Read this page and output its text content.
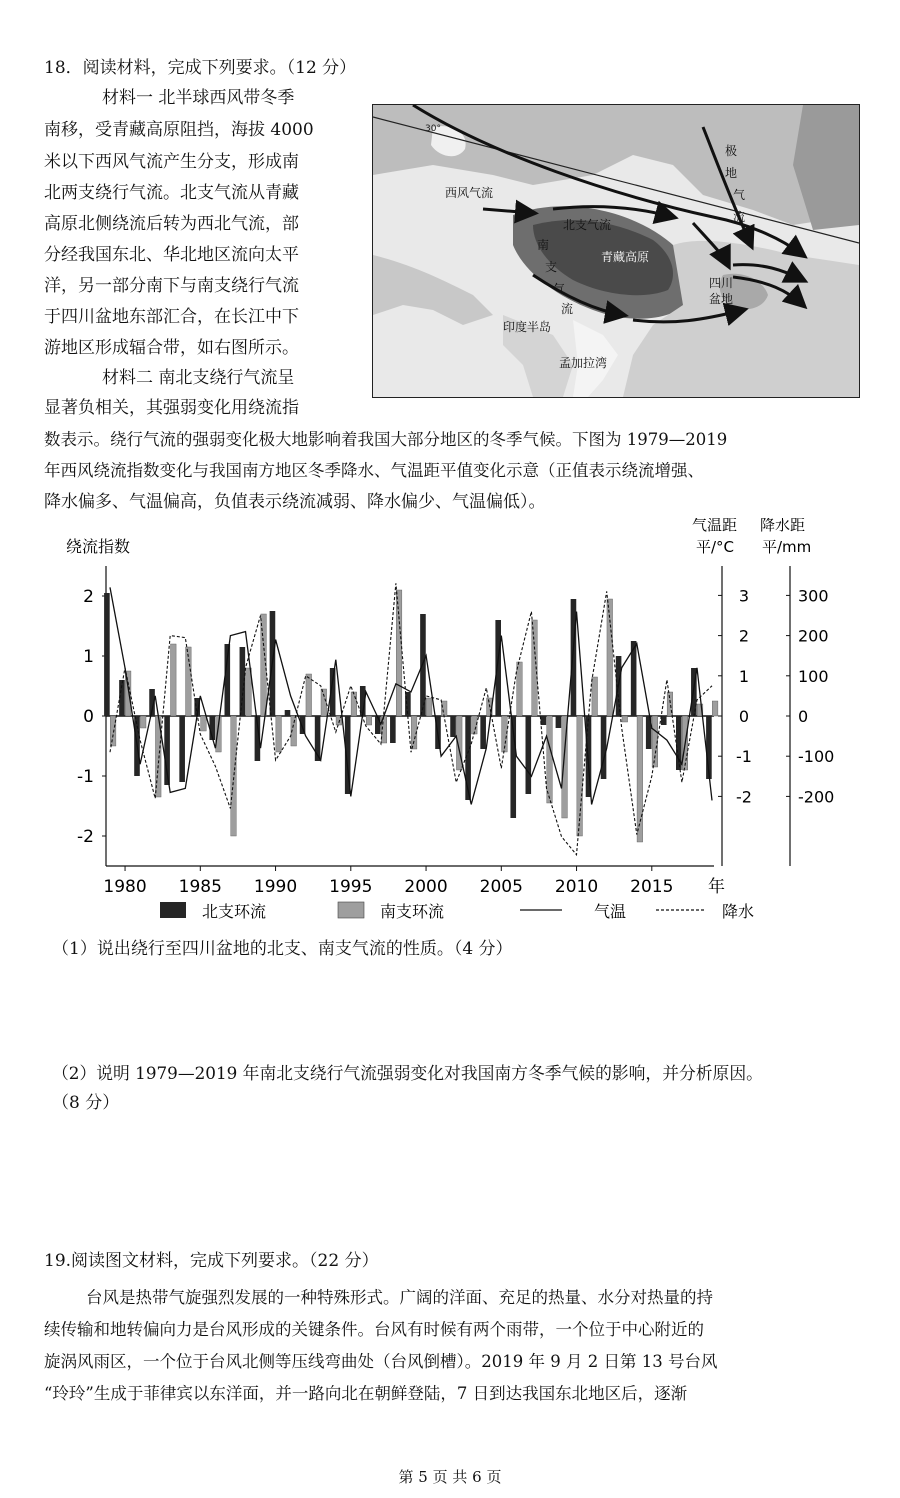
18．阅读材料，完成下列要求。（12 分）
材料一 北半球西风带冬季
南移，受青藏高原阻挡，海拔 4000
米以下西风气流产生分支，形成南
北两支绕行气流。北支气流从青藏
高原北侧绕流后转为西北气流，部
分经我国东北、华北地区流向太平
洋，另一部分南下与南支绕行气流
于四川盆地东部汇合，在长江中下
游地区形成辐合带，如右图所示。
30°
西风气流
北支气流
青藏高原
南
支
气
流
极
地
气
流
四川
盆地
印度半岛
孟加拉湾
材料二 南北支绕行气流呈
显著负相关，其强弱变化用绕流指
数表示。绕行气流的强弱变化极大地影响着我国大部分地区的冬季气候。下图为 1979—2019
年西风绕流指数变化与我国南方地区冬季降水、气温距平值变化示意（正值表示绕流增强、
降水偏多、气温偏高，负值表示绕流减弱、降水偏少、气温偏低）。
绕流指数
气温距
平/°C
降水距
平/mm
2
1
0
-1
-2
3
2
1
0
-1
-2
300
200
100
0
-100
-200
1980 1985 1990 1995 2000 2005 2010 2015 年
北支环流	南支环流	气温	降水
（1）说出绕行至四川盆地的北支、南支气流的性质。（4 分）
（2）说明 1979—2019 年南北支绕行气流强弱变化对我国南方冬季气候的影响，并分析原因。
（8 分）
19.阅读图文材料，完成下列要求。（22 分）
台风是热带气旋强烈发展的一种特殊形式。广阔的洋面、充足的热量、水分对热量的持
续传输和地转偏向力是台风形成的关键条件。台风有时候有两个雨带，一个位于中心附近的
旋涡风雨区，一个位于台风北侧等压线弯曲处（台风倒槽）。2019 年 9 月 2 日第 13 号台风
“玲玲”生成于菲律宾以东洋面，并一路向北在朝鲜登陆，7 日到达我国东北地区后，逐渐
第 5 页 共 6 页
